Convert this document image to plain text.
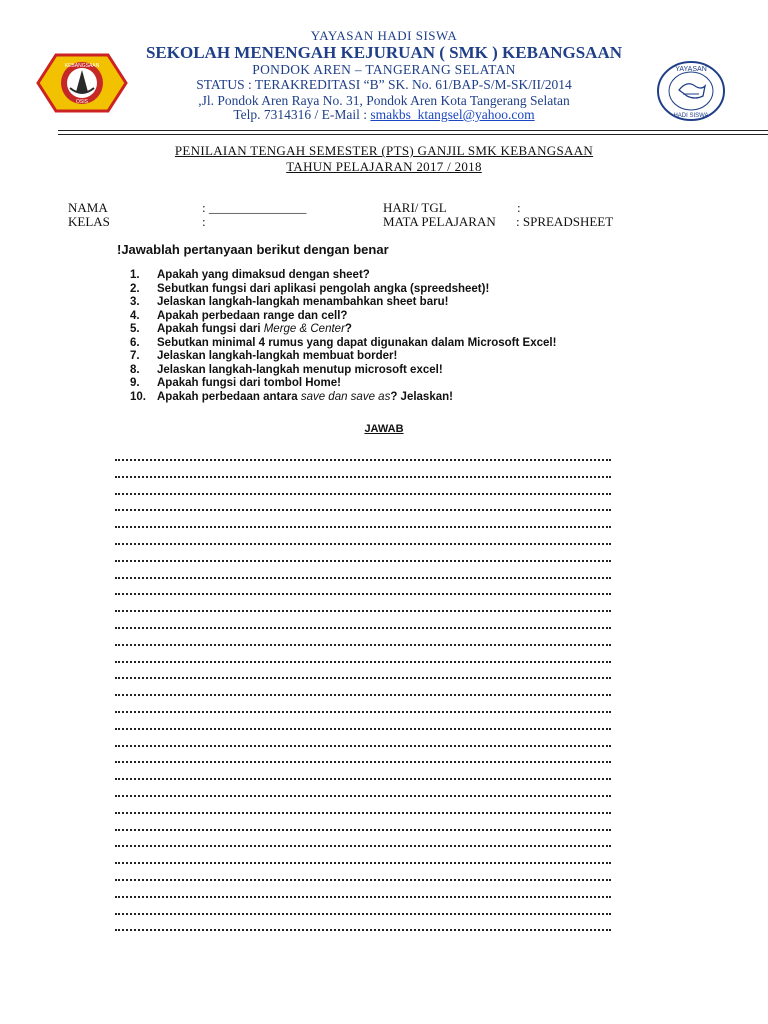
KEBANGSAAN
OSIS
YAYASAN HADI SISWA
SEKOLAH MENENGAH KEJURUAN ( SMK ) KEBANGSAAN
PONDOK AREN – TANGERANG SELATAN
STATUS : TERAKREDITASI “B” SK. No. 61/BAP-S/M-SK/II/2014
,Jl. Pondok Aren Raya No. 31, Pondok Aren Kota Tangerang Selatan
Telp. 7314316 / E-Mail : smakbs_ktangsel@yahoo.com
YAYASAN
HADI SISWA
PENILAIAN TENGAH SEMESTER (PTS) GANJIL SMK KEBANGSAAN
TAHUN PELAJARAN 2017 / 2018
NAMA	: _______________
KELAS	:
HARI/ TGL	:
MATA PELAJARAN : SPREADSHEET
!Jawablah pertanyaan berikut dengan benar
1. Apakah yang dimaksud dengan sheet?
2. Sebutkan fungsi dari aplikasi pengolah angka (spreedsheet)!
3. Jelaskan langkah-langkah menambahkan sheet baru!
4. Apakah perbedaan range dan cell?
5. Apakah fungsi dari Merge & Center?
6. Sebutkan minimal 4 rumus yang dapat digunakan dalam Microsoft Excel!
7. Jelaskan langkah-langkah membuat border!
8. Jelaskan langkah-langkah menutup microsoft excel!
9. Apakah fungsi dari tombol Home!
10. Apakah perbedaan antara save dan save as? Jelaskan!
JAWAB
